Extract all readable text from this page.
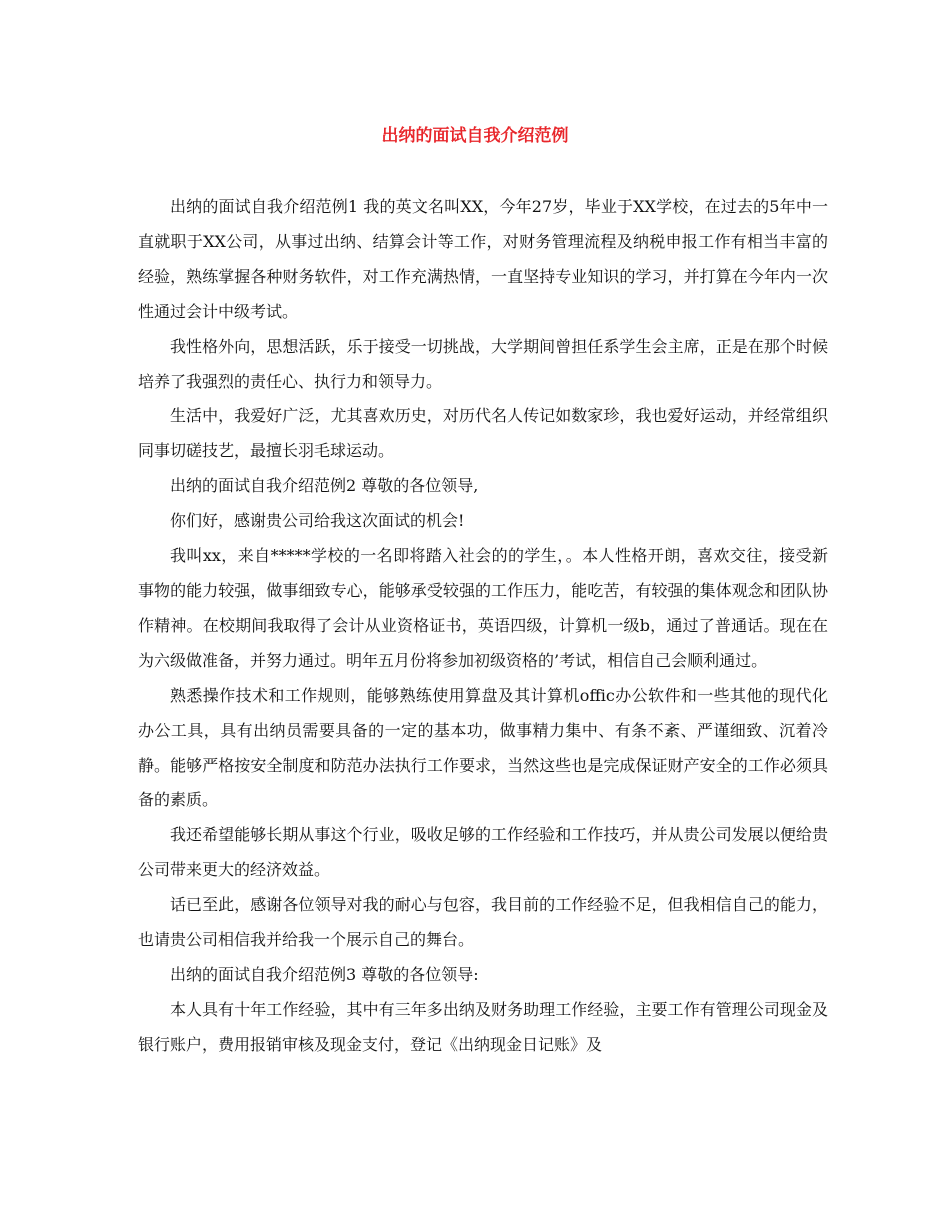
出纳的面试自我介绍范例

出纳的面试自我介绍范例1 我的英文名叫XX，今年27岁，毕业于XX学校，在过去的5年中一直就职于XX公司，从事过出纳、结算会计等工作，对财务管理流程及纳税申报工作有相当丰富的经验，熟练掌握各种财务软件，对工作充满热情，一直坚持专业知识的学习，并打算在今年内一次性通过会计中级考试。

我性格外向，思想活跃，乐于接受一切挑战，大学期间曾担任系学生会主席，正是在那个时候培养了我强烈的责任心、执行力和领导力。

生活中，我爱好广泛，尤其喜欢历史，对历代名人传记如数家珍，我也爱好运动，并经常组织同事切磋技艺，最擅长羽毛球运动。

出纳的面试自我介绍范例2 尊敬的各位领导,

你们好，感谢贵公司给我这次面试的机会!

我叫xx，来自*****学校的一名即将踏入社会的的学生，。本人性格开朗，喜欢交往，接受新事物的能力较强，做事细致专心，能够承受较强的工作压力，能吃苦，有较强的集体观念和团队协作精神。在校期间我取得了会计从业资格证书，英语四级，计算机一级b，通过了普通话。现在在为六级做准备，并努力通过。明年五月份将参加初级资格的’考试，相信自己会顺利通过。

熟悉操作技术和工作规则，能够熟练使用算盘及其计算机offic办公软件和一些其他的现代化办公工具，具有出纳员需要具备的一定的基本功，做事精力集中、有条不紊、严谨细致、沉着冷静。能够严格按安全制度和防范办法执行工作要求，当然这些也是完成保证财产安全的工作必须具备的素质。

我还希望能够长期从事这个行业，吸收足够的工作经验和工作技巧，并从贵公司发展以便给贵公司带来更大的经济效益。

话已至此，感谢各位领导对我的耐心与包容，我目前的工作经验不足，但我相信自己的能力，也请贵公司相信我并给我一个展示自己的舞台。

出纳的面试自我介绍范例3 尊敬的各位领导:

本人具有十年工作经验，其中有三年多出纳及财务助理工作经验，主要工作有管理公司现金及银行账户，费用报销审核及现金支付，登记《出纳现金日记账》及
